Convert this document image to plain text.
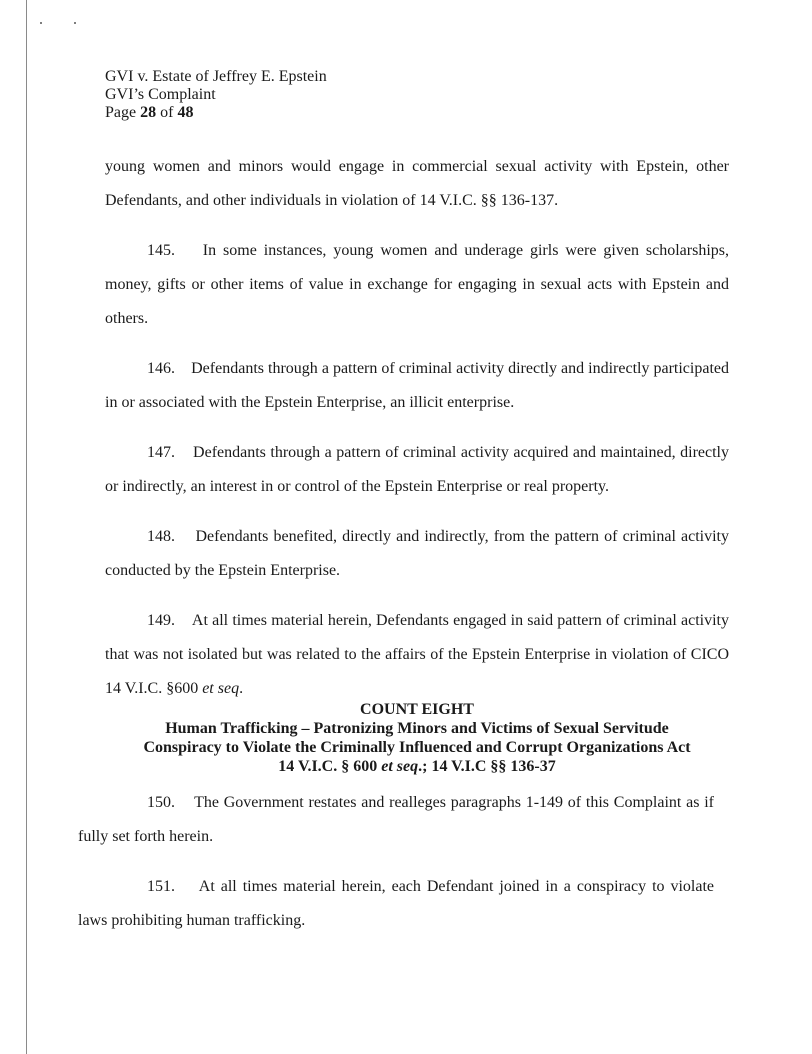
GVI v. Estate of Jeffrey E. Epstein
GVI’s Complaint
Page 28 of 48

young women and minors would engage in commercial sexual activity with Epstein, other Defendants, and other individuals in violation of 14 V.I.C. §§ 136-137.

145. In some instances, young women and underage girls were given scholarships, money, gifts or other items of value in exchange for engaging in sexual acts with Epstein and others.

146. Defendants through a pattern of criminal activity directly and indirectly participated in or associated with the Epstein Enterprise, an illicit enterprise.

147. Defendants through a pattern of criminal activity acquired and maintained, directly or indirectly, an interest in or control of the Epstein Enterprise or real property.

148. Defendants benefited, directly and indirectly, from the pattern of criminal activity conducted by the Epstein Enterprise.

149. At all times material herein, Defendants engaged in said pattern of criminal activity that was not isolated but was related to the affairs of the Epstein Enterprise in violation of CICO 14 V.I.C. §600 et seq.

COUNT EIGHT
Human Trafficking – Patronizing Minors and Victims of Sexual Servitude
Conspiracy to Violate the Criminally Influenced and Corrupt Organizations Act
14 V.I.C. § 600 et seq.; 14 V.I.C §§ 136-37

150. The Government restates and realleges paragraphs 1-149 of this Complaint as if fully set forth herein.

151. At all times material herein, each Defendant joined in a conspiracy to violate laws prohibiting human trafficking.
